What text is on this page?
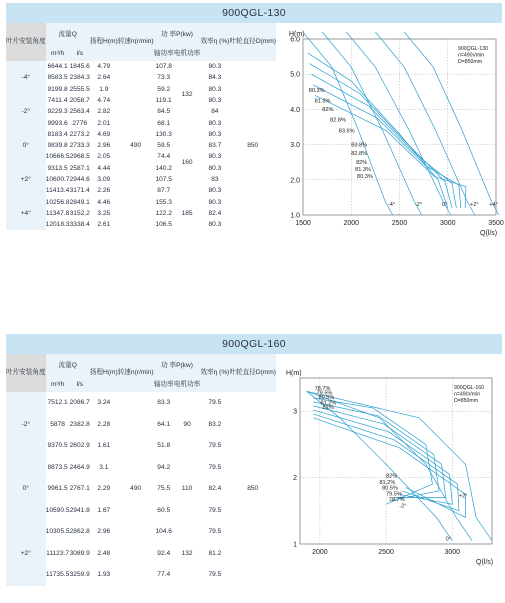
900QGL-130
叶片安装角度	流量Q		扬程H(m)	转速n(r/min)	功 率P(kw)		效率η (%)	叶轮直径D(mm)
	m³/h	l/s			轴功率	电机功率		
-4°	6644.1	1845.6	4.79	490	107.8	132	80.3	850
	8583.5	2384.3	2.64		73.3		84.3	
	9199.8	2555.5	1.9		59.2		80.3	
-2°	7411.4	2058.7	4.74		119.1		80.3	
	9229.3	2563.4	2.82		84.5		84	
	9993.6	2776	2.01		68.1		80.3	
0°	8183.4	2273.2	4.69		130.3	160	80.3	
	9839.8	2733.3	2.96		59.5		83.7	
	10666.5	2968.5	2.05		74.4		80.3	
+2°	9313.5	2587.1	4.44		140.2		80.3	
	10600.7	2944.6	3.09		107.5		83	
	11413.4	3171.4	2.26		87.7		80.3	
+4°	10256.8	2849.1	4.46		155.3	185	80.3	
	11347.8	3152.2	3.25		122.2		82.4	
	12018.3	3338.4	2.61		106.5		80.3	
1.0
2.0
3.0
4.0
5.0
6.0
1500	2000	2500	3000	3500
H(m)
Q(l/s)
900QGL-130
n=490r/min
D=850mm
80.3%
81.3%
82%
82.8%
83.6%
83.8%
82.8%
82%
81.3%
80.3%
-4°	-2°	0°	+2° +4°
900QGL-160
叶片安装角度	流量Q		扬程H(m)	转速n(r/min)	功 率P(kw)		效率η (%)	叶轮直径D(mm)
	m³/h	l/s			轴功率	电机功率		
-2°	7512.1	2086.7	3.24	490	83.3	90	79.5	850
	5878	2382.8	2.28		64.1		83.2	
	9370.5	2602.9	1.61		51.8		79.5	
0°	8873.5	2464.9	3.1		94.2	110	79.5	
	9961.5	2767.1	2.29		75.5		82.4	
	10590.5	2941.8	1.67		60.5		79.5	
+2°	10305.5	2862.8	2.96		104.6	132	79.5	
	11123.7	3089.9	2.48		92.4		81.2	
	11735.5	3259.9	1.93		77.4		79.5	
1
2
3
2000	2500	3000
H(m)
Q(l/s)
900QGL-160
n=490r/min
D=850mm
78.7%
79.5%
80.5%
81.2%
82%
82%
81.2%
80.5%
79.5%
78.7%
-2°
0°
+2°
